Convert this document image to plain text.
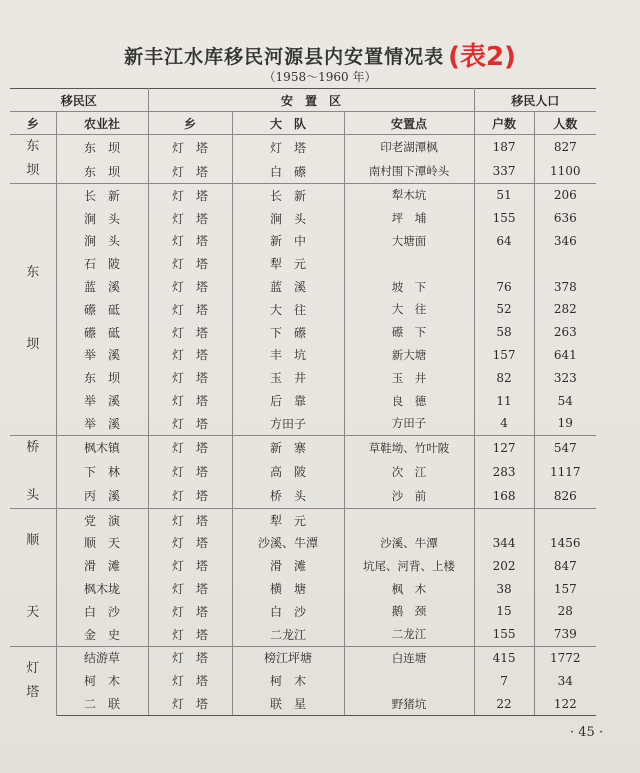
新丰江水库移民河源县内安置情况表 (表2)
（1958～1960 年）
移民区		安　置　区			移民人口	
乡	农业社	乡	大　队	安置点	户数	人数
东
坝	东　坝	灯　塔	灯　塔	印老湖潭枫	187	827
	东　坝	灯　塔	白　礤	南村围下潭岭头	337	1100
东

坝	长　新	灯　塔	长　新	犁木坑	51	206
	涧　头	灯　塔	涧　头	坪　埔	155	636
	涧　头	灯　塔	新　中	大塘面	64	346
	石　陂	灯　塔	犁　元			
	蓝　溪	灯　塔	蓝　溪	坡　下	76	378
	礤　砥	灯　塔	大　往	大　往	52	282
	礤　砥	灯　塔	下　礤	礤　下	58	263
	举　溪	灯　塔	丰　坑	新大塘	157	641
	东　坝	灯　塔	玉　井	玉　井	82	323
	举　溪	灯　塔	后　靠	良　德	11	54
	举　溪	灯　塔	方田子	方田子	4	19
桥

头	枫木镇	灯　塔	新　寨	草鞋坳、竹叶陂	127	547
	下　林	灯　塔	高　陂	次　江	283	1117
	丙　溪	灯　塔	桥　头	沙　前	168	826
顺

天	党　演	灯　塔	犁　元			
	顺　天	灯　塔	沙溪、牛潭	沙溪、牛潭	344	1456
	滑　滩	灯　塔	滑　滩	坑尾、河背、上楼	202	847
	枫木垅	灯　塔	横　塘	枫　木	38	157
	白　沙	灯　塔	白　沙	鹅　颈	15	28
	金　史	灯　塔	二龙江	二龙江	155	739
灯
塔	结游草	灯　塔	榜江坪塘	白连塘	415	1772
	柯　木	灯　塔	柯　木		7	34
	二　联	灯　塔	联　星	野猪坑	22	122
· 45 ·
